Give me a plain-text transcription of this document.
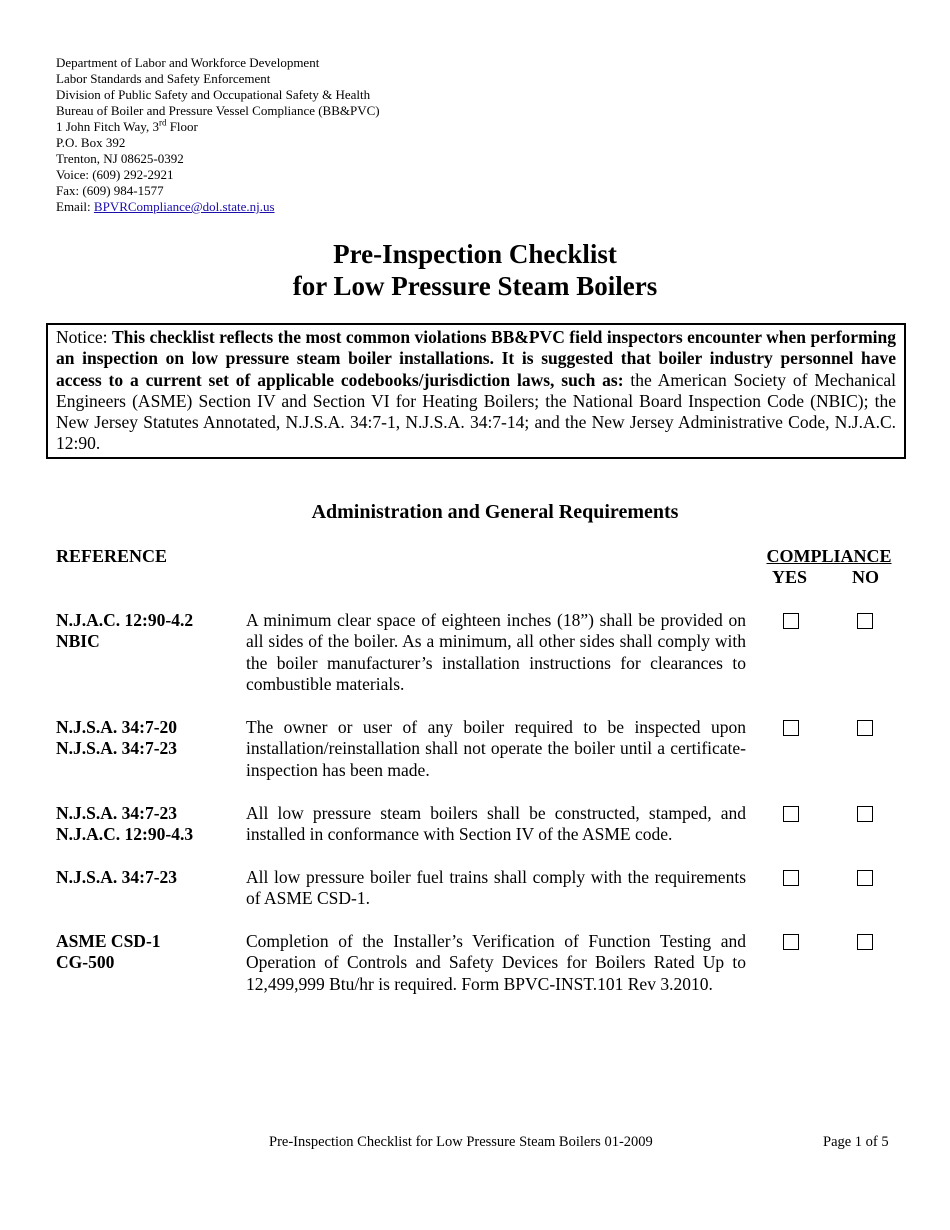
Department of Labor and Workforce Development
Labor Standards and Safety Enforcement
Division of Public Safety and Occupational Safety & Health
Bureau of Boiler and Pressure Vessel Compliance (BB&PVC)
1 John Fitch Way, 3rd Floor
P.O. Box 392
Trenton, NJ 08625-0392
Voice: (609) 292-2921
Fax: (609) 984-1577
Email: BPVRCompliance@dol.state.nj.us
Pre-Inspection Checklist
for Low Pressure Steam Boilers
Notice: This checklist reflects the most common violations BB&PVC field inspectors encounter when performing an inspection on low pressure steam boiler installations. It is suggested that boiler industry personnel have access to a current set of applicable codebooks/jurisdiction laws, such as: the American Society of Mechanical Engineers (ASME) Section IV and Section VI for Heating Boilers; the National Board Inspection Code (NBIC); the New Jersey Statutes Annotated, N.J.S.A. 34:7-1, N.J.S.A. 34:7-14; and the New Jersey Administrative Code, N.J.A.C. 12:90.
Administration and General Requirements
REFERENCE	COMPLIANCE
YES NO
N.J.A.C. 12:90-4.2
NBIC
A minimum clear space of eighteen inches (18”) shall be provided on all sides of the boiler. As a minimum, all other sides shall comply with the boiler manufacturer’s installation instructions for clearances to combustible materials.
N.J.S.A. 34:7-20
N.J.S.A. 34:7-23
The owner or user of any boiler required to be inspected upon installation/reinstallation shall not operate the boiler until a certificate-inspection has been made.
N.J.S.A. 34:7-23
N.J.A.C. 12:90-4.3
All low pressure steam boilers shall be constructed, stamped, and installed in conformance with Section IV of the ASME code.
N.J.S.A. 34:7-23	All low pressure boiler fuel trains shall comply with the requirements of ASME CSD-1.
ASME CSD-1
CG-500
Completion of the Installer’s Verification of Function Testing and Operation of Controls and Safety Devices for Boilers Rated Up to 12,499,999 Btu/hr is required. Form BPVC-INST.101 Rev 3.2010.
Pre-Inspection Checklist for Low Pressure Steam Boilers 01-2009	Page 1 of 5
